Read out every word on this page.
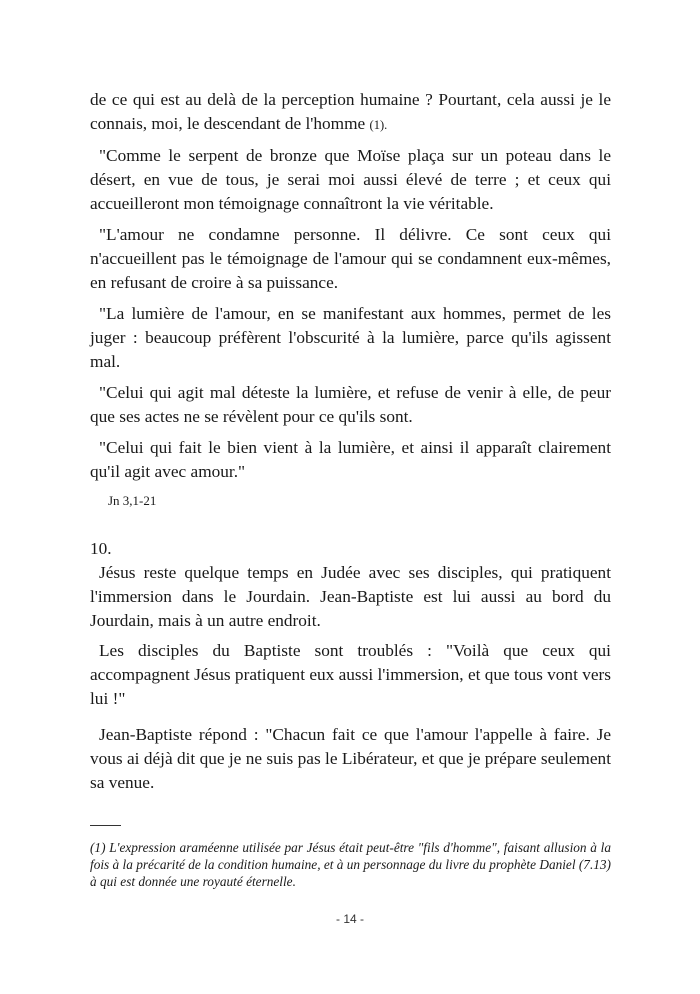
de ce qui est au delà de la perception humaine ? Pourtant, cela aussi je le connais, moi, le descendant de l'homme (1).

"Comme le serpent de bronze que Moïse plaça sur un poteau dans le désert, en vue de tous, je serai moi aussi élevé de terre ; et ceux qui accueilleront mon témoignage connaîtront la vie véritable.

"L'amour ne condamne personne. Il délivre. Ce sont ceux qui n'accueillent pas le témoignage de l'amour qui se condamnent eux-mêmes, en refusant de croire à sa puissance.

"La lumière de l'amour, en se manifestant aux hommes, permet de les juger : beaucoup préfèrent l'obscurité à la lumière, parce qu'ils agissent mal.

"Celui qui agit mal déteste la lumière, et refuse de venir à elle, de peur que ses actes ne se révèlent pour ce qu'ils sont.

"Celui qui fait le bien vient à la lumière, et ainsi il apparaît clairement qu'il agit avec amour."

Jn 3,1-21
10.

Jésus reste quelque temps en Judée avec ses disciples, qui pratiquent l'immersion dans le Jourdain. Jean-Baptiste est lui aussi au bord du Jourdain, mais à un autre endroit.

Les disciples du Baptiste sont troublés : "Voilà que ceux qui accompagnent Jésus pratiquent eux aussi l'immersion, et que tous vont vers lui !"

Jean-Baptiste répond : "Chacun fait ce que l'amour l'appelle à faire. Je vous ai déjà dit que je ne suis pas le Libérateur, et que je prépare seulement sa venue.

(1) L'expression araméenne utilisée par Jésus était peut-être "fils d'homme", faisant allusion à la fois à la précarité de la condition humaine, et à un personnage du livre du prophète Daniel (7.13) à qui est donnée une royauté éternelle.

- 14 -
